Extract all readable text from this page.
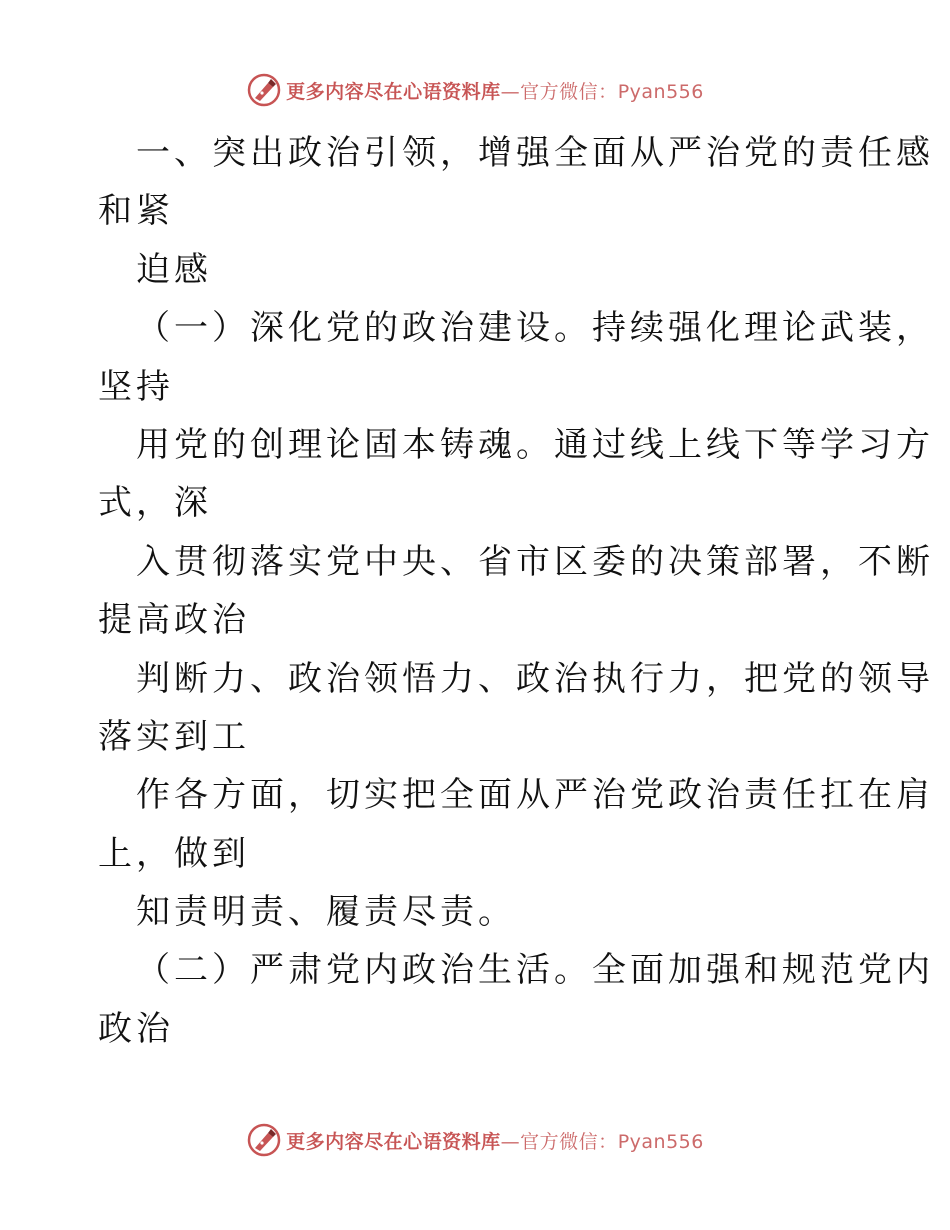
更多内容尽在心语资料库—官方微信：Pyan556
一、突出政治引领，增强全面从严治党的责任感
和紧
迫感
（一）深化党的政治建设。持续强化理论武装，
坚持
用党的创理论固本铸魂。通过线上线下等学习方
式，深
入贯彻落实党中央、省市区委的决策部署，不断
提高政治
判断力、政治领悟力、政治执行力，把党的领导
落实到工
作各方面，切实把全面从严治党政治责任扛在肩
上，做到
知责明责、履责尽责。
（二）严肃党内政治生活。全面加强和规范党内
政治
更多内容尽在心语资料库—官方微信：Pyan556
